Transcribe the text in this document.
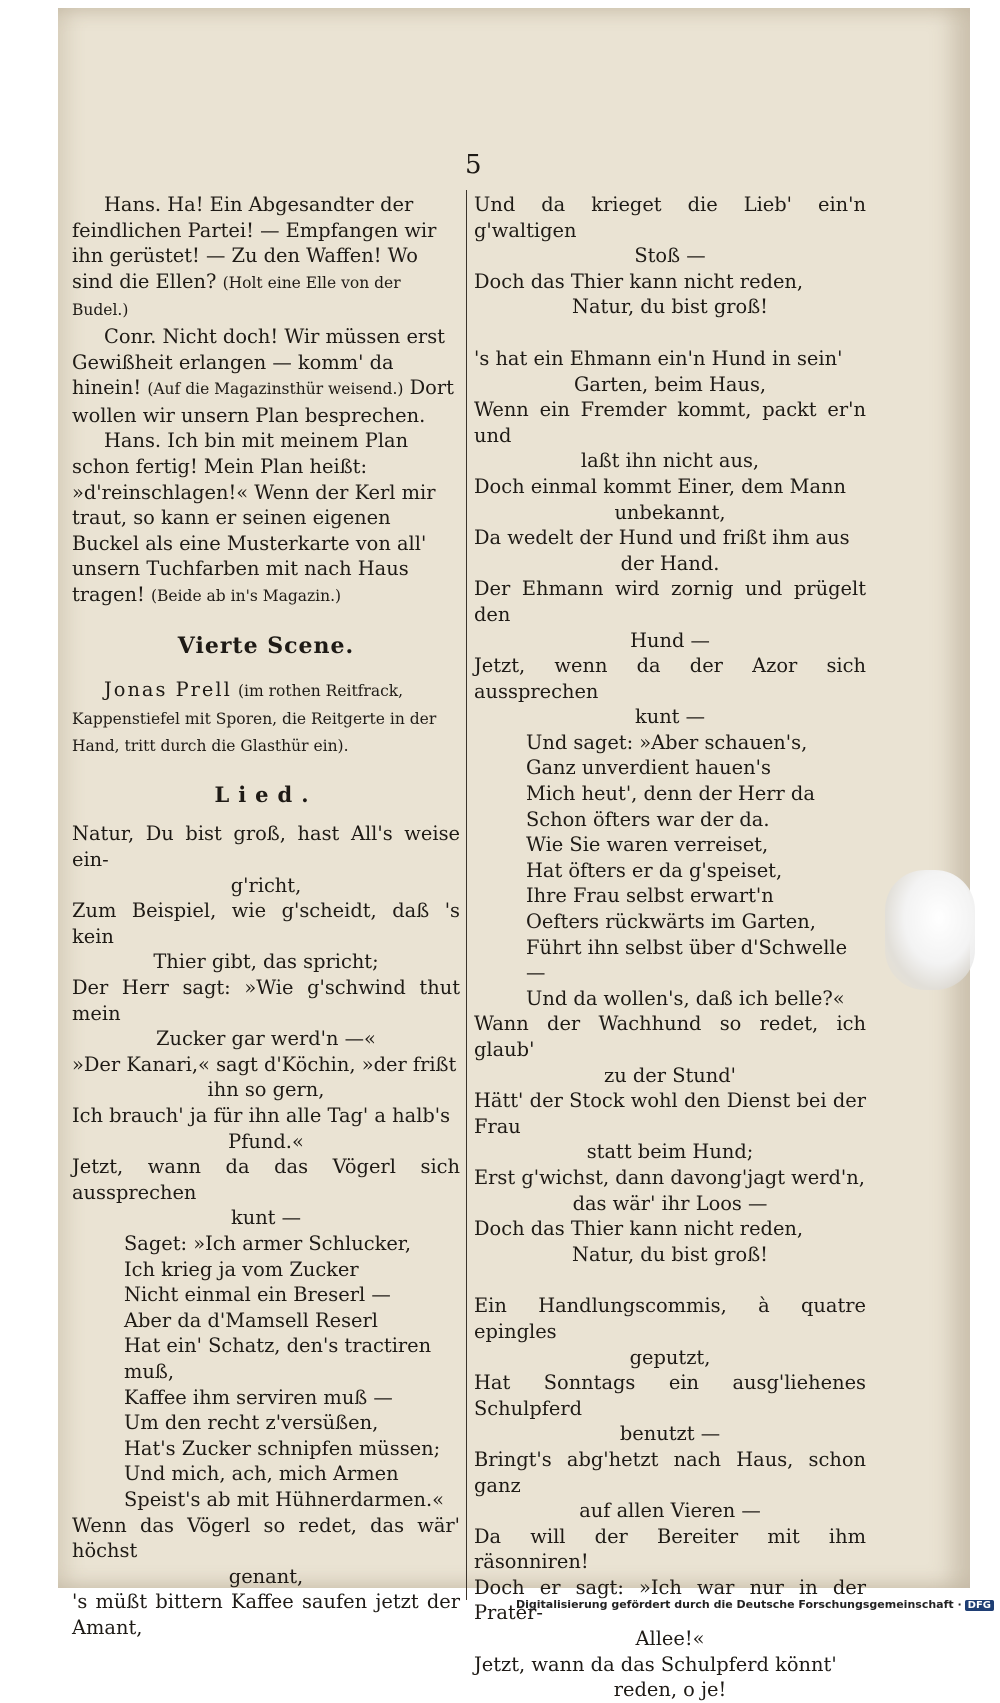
5

Hans. Ha! Ein Abgesandter der feindlichen Partei! — Empfangen wir ihn gerüstet! — Zu den Waffen! Wo sind die Ellen? (Holt eine Elle von der Budel.)

Conr. Nicht doch! Wir müssen erst Gewißheit erlangen — komm' da hinein! (Auf die Magazinsthür weisend.) Dort wollen wir unsern Plan besprechen.

Hans. Ich bin mit meinem Plan schon fertig! Mein Plan heißt: »d'reinschlagen!« Wenn der Kerl mir traut, so kann er seinen eigenen Buckel als eine Musterkarte von all' unsern Tuchfarben mit nach Haus tragen! (Beide ab in's Magazin.)

Vierte Scene.

Jonas Prell (im rothen Reitfrack, Kappenstiefel mit Sporen, die Reitgerte in der Hand, tritt durch die Glasthür ein).

Lied.
Natur, Du bist groß, hast All's weise ein-
g'richt,
Zum Beispiel, wie g'scheidt, daß 's kein
Thier gibt, das spricht;
Der Herr sagt: »Wie g'schwind thut mein
Zucker gar werd'n —«
»Der Kanari,« sagt d'Köchin, »der frißt
ihn so gern,
Ich brauch' ja für ihn alle Tag' a halb's
Pfund.«
Jetzt, wann da das Vögerl sich aussprechen
kunt —
Saget: »Ich armer Schlucker,
Ich krieg ja vom Zucker
Nicht einmal ein Breserl —
Aber da d'Mamsell Reserl
Hat ein' Schatz, den's tractiren muß,
Kaffee ihm serviren muß —
Um den recht z'versüßen,
Hat's Zucker schnipfen müssen;
Und mich, ach, mich Armen
Speist's ab mit Hühnerdarmen.«
Wenn das Vögerl so redet, das wär' höchst
genant,
's müßt bittern Kaffee saufen jetzt der Amant,
Und da krieget die Lieb' ein'n g'waltigen
Stoß —
Doch das Thier kann nicht reden,
Natur, du bist groß!
's hat ein Ehmann ein'n Hund in sein'
Garten, beim Haus,
Wenn ein Fremder kommt, packt er'n und
laßt ihn nicht aus,
Doch einmal kommt Einer, dem Mann
unbekannt,
Da wedelt der Hund und frißt ihm aus
der Hand.
Der Ehmann wird zornig und prügelt den
Hund —
Jetzt, wenn da der Azor sich aussprechen
kunt —
Und saget: »Aber schauen's,
Ganz unverdient hauen's
Mich heut', denn der Herr da
Schon öfters war der da.
Wie Sie waren verreiset,
Hat öfters er da g'speiset,
Ihre Frau selbst erwart'n
Oefters rückwärts im Garten,
Führt ihn selbst über d'Schwelle —
Und da wollen's, daß ich belle?«
Wann der Wachhund so redet, ich glaub'
zu der Stund'
Hätt' der Stock wohl den Dienst bei der Frau
statt beim Hund;
Erst g'wichst, dann davong'jagt werd'n,
das wär' ihr Loos —
Doch das Thier kann nicht reden,
Natur, du bist groß!
Ein Handlungscommis, à quatre epingles
geputzt,
Hat Sonntags ein ausg'liehenes Schulpferd
benutzt —
Bringt's abg'hetzt nach Haus, schon ganz
auf allen Vieren —
Da will der Bereiter mit ihm räsonniren!
Doch er sagt: »Ich war nur in der Prater-
Allee!«
Jetzt, wann da das Schulpferd könnt'
reden, o je!
Digitalisierung gefördert durch die Deutsche Forschungsgemeinschaft · DFG
